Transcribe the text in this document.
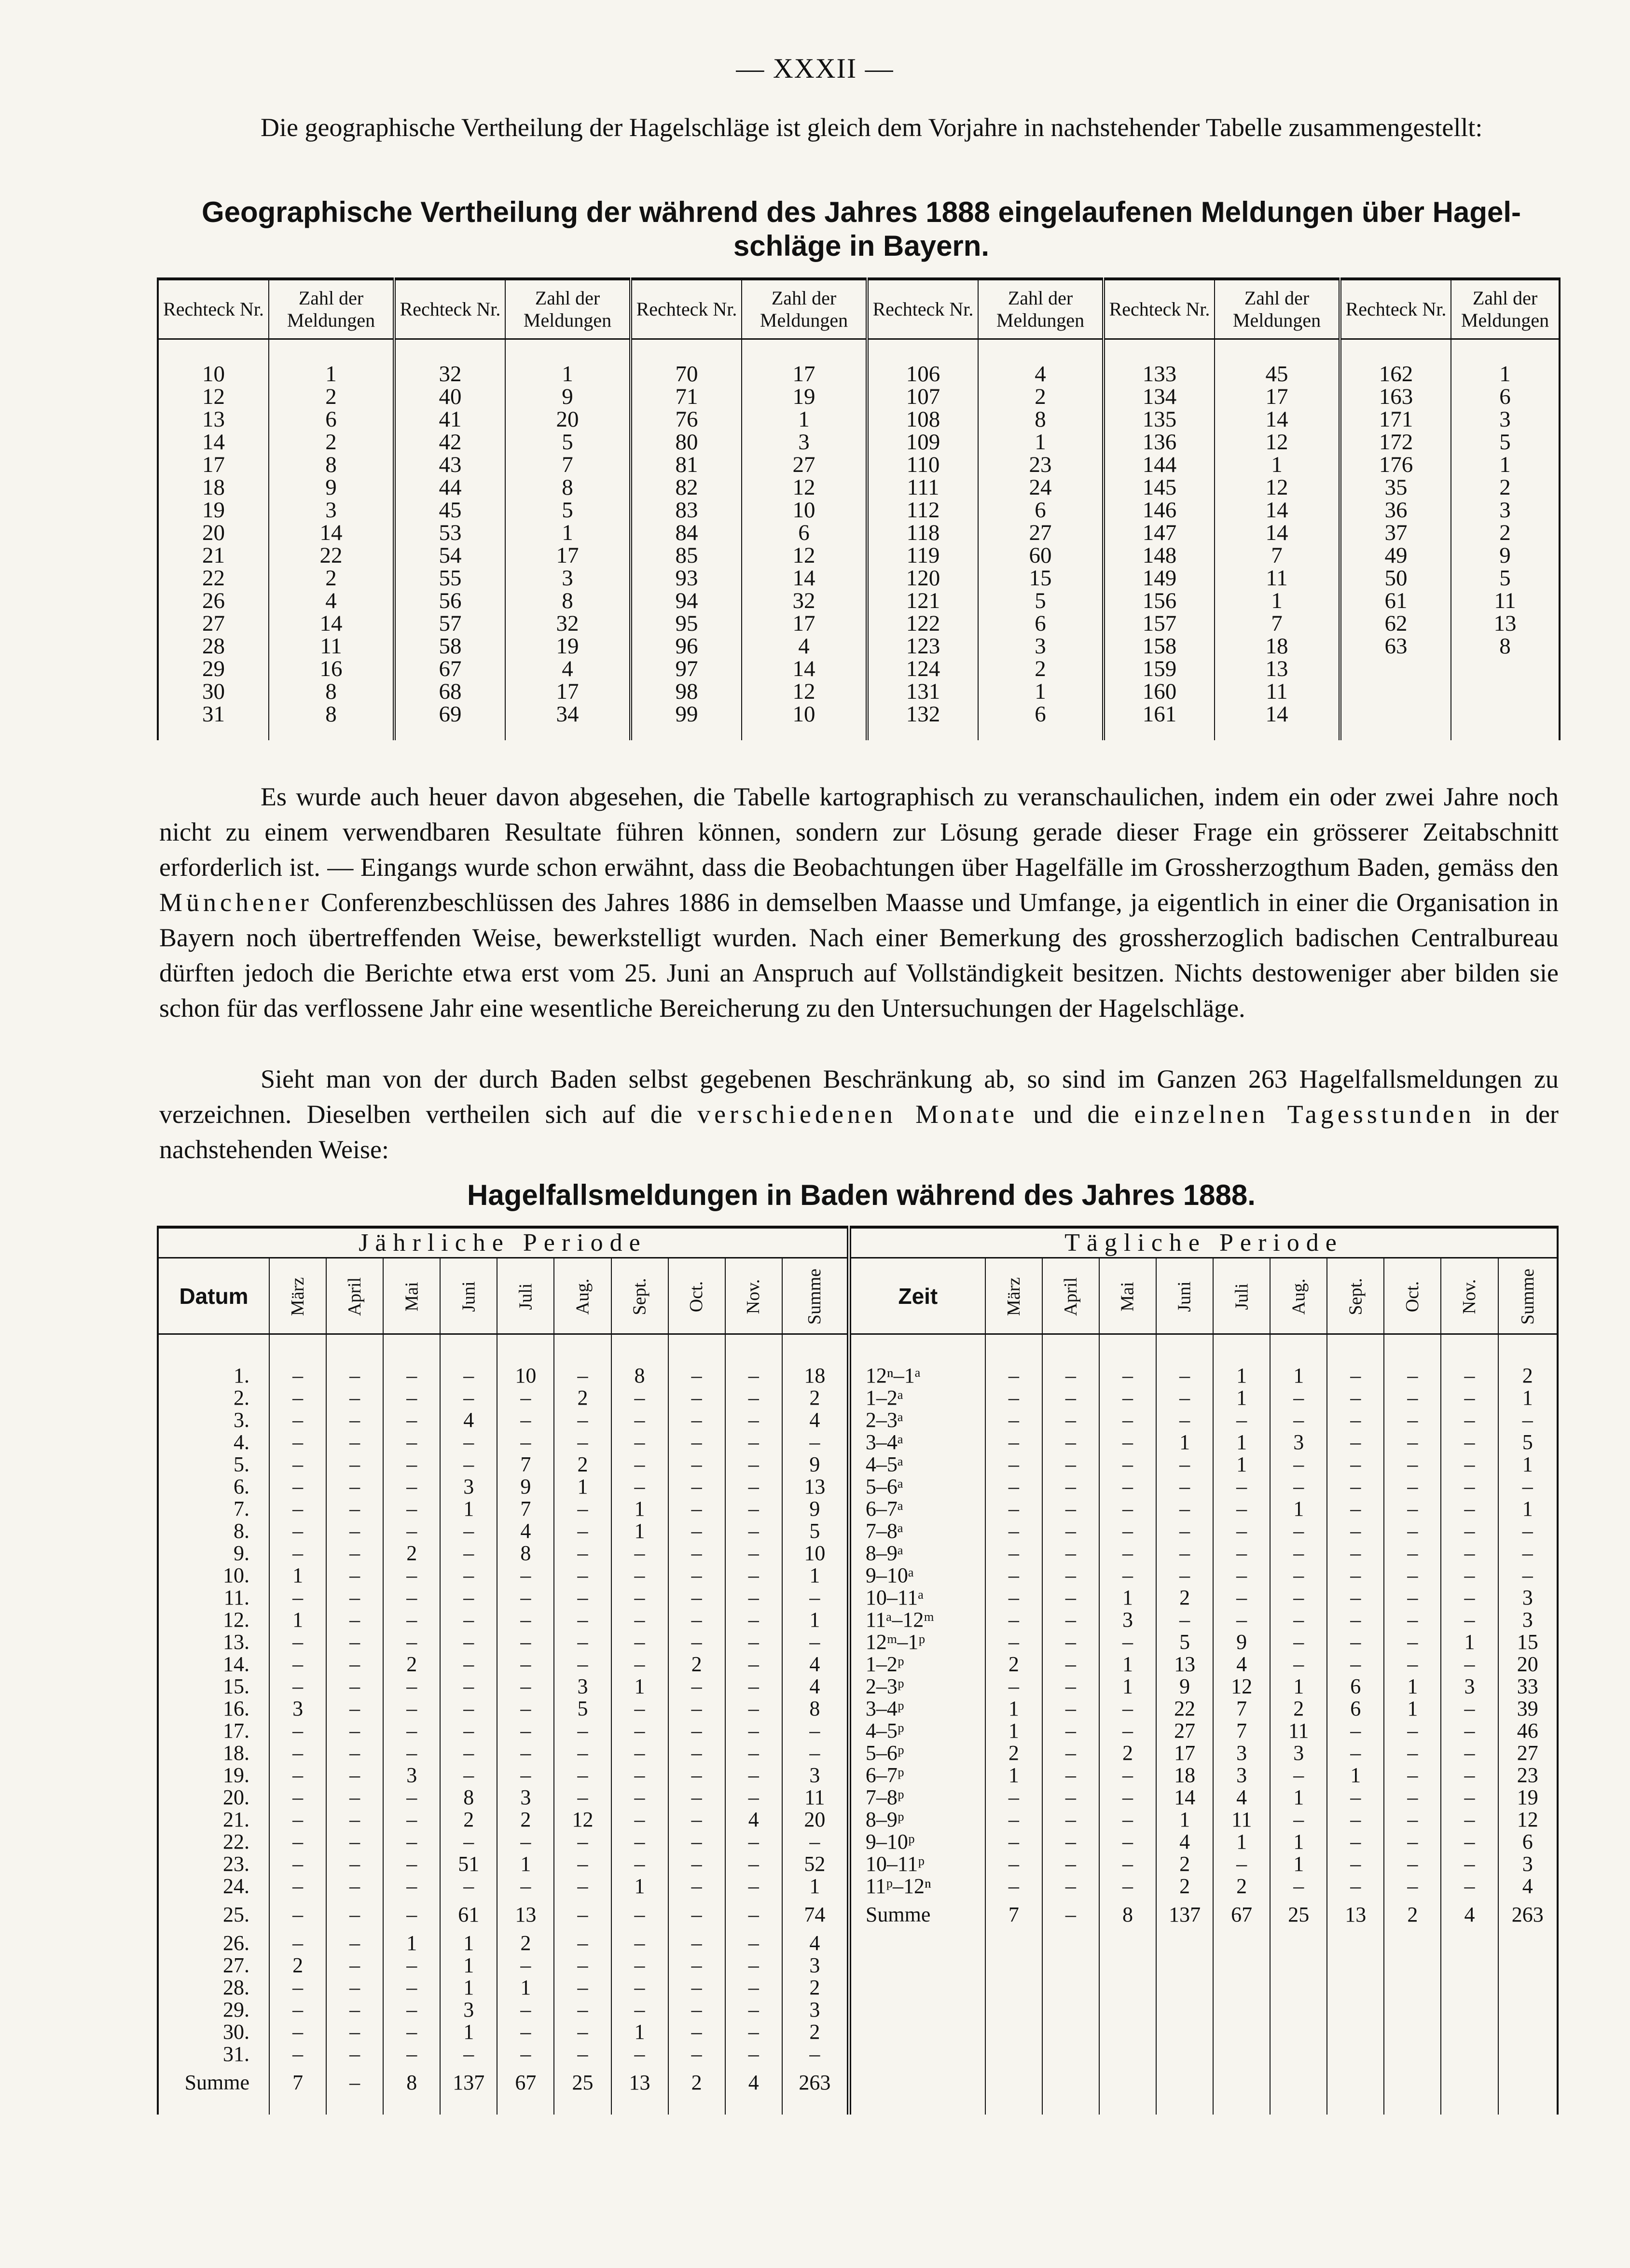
— XXXII —

Die geographische Vertheilung der Hagelschläge ist gleich dem Vorjahre in nachstehender Tabelle zusammengestellt:

Geographische Vertheilung der während des Jahres 1888 eingelaufenen Meldungen über Hagel-
schläge in Bayern.
Rechteck Nr.	Zahl der Meldungen	Rechteck Nr.	Zahl der Meldungen	Rechteck Nr.	Zahl der Meldungen	Rechteck Nr.	Zahl der Meldungen	Rechteck Nr.	Zahl der Meldungen	Rechteck Nr.	Zahl der Meldungen

10	1	32	1	70	17	106	4	133	45	162	1
12	2	40	9	71	19	107	2	134	17	163	6
13	6	41	20	76	1	108	8	135	14	171	3
14	2	42	5	80	3	109	1	136	12	172	5
17	8	43	7	81	27	110	23	144	1	176	1
18	9	44	8	82	12	111	24	145	12	35	2
19	3	45	5	83	10	112	6	146	14	36	3
20	14	53	1	84	6	118	27	147	14	37	2
21	22	54	17	85	12	119	60	148	7	49	9
22	2	55	3	93	14	120	15	149	11	50	5
26	4	56	8	94	32	121	5	156	1	61	11
27	14	57	32	95	17	122	6	157	7	62	13
28	11	58	19	96	4	123	3	158	18	63	8
29	16	67	4	97	14	124	2	159	13		
30	8	68	17	98	12	131	1	160	11		
31	8	69	34	99	10	132	6	161	14		

Es wurde auch heuer davon abgesehen, die Tabelle kartographisch zu veranschaulichen, indem ein oder zwei Jahre noch nicht zu einem verwendbaren Resultate führen können, sondern zur Lösung gerade dieser Frage ein grösserer Zeitabschnitt erforderlich ist. — Eingangs wurde schon erwähnt, dass die Beobachtungen über Hagelfälle im Grossherzogthum Baden, gemäss den Münchener Conferenzbeschlüssen des Jahres 1886 in demselben Maasse und Umfange, ja eigentlich in einer die Organisation in Bayern noch übertreffenden Weise, bewerkstelligt wurden. Nach einer Bemerkung des grossherzoglich badischen Centralbureau dürften jedoch die Berichte etwa erst vom 25. Juni an Anspruch auf Vollständigkeit besitzen. Nichts destoweniger aber bilden sie schon für das verflossene Jahr eine wesentliche Bereicherung zu den Untersuchungen der Hagelschläge.

Sieht man von der durch Baden selbst gegebenen Beschränkung ab, so sind im Ganzen 263 Hagelfallsmeldungen zu verzeichnen. Dieselben vertheilen sich auf die verschiedenen Monate und die einzelnen Tagesstunden in der nachstehenden Weise:

Hagelfallsmeldungen in Baden während des Jahres 1888.
Jährliche Periode											Tägliche Periode										
Datum	März	April	Mai	Juni	Juli	Aug.	Sept.	Oct.	Nov.	Summe	Zeit	März	April	Mai	Juni	Juli	Aug.	Sept.	Oct.	Nov.	Summe

1.	–	–	–	–	10	–	8	–	–	18	12ⁿ–1ᵃ	–	–	–	–	1	1	–	–	–	2
2.	–	–	–	–	–	2	–	–	–	2	1–2ᵃ	–	–	–	–	1	–	–	–	–	1
3.	–	–	–	4	–	–	–	–	–	4	2–3ᵃ	–	–	–	–	–	–	–	–	–	–
4.	–	–	–	–	–	–	–	–	–	–	3–4ᵃ	–	–	–	1	1	3	–	–	–	5
5.	–	–	–	–	7	2	–	–	–	9	4–5ᵃ	–	–	–	–	1	–	–	–	–	1
6.	–	–	–	3	9	1	–	–	–	13	5–6ᵃ	–	–	–	–	–	–	–	–	–	–
7.	–	–	–	1	7	–	1	–	–	9	6–7ᵃ	–	–	–	–	–	1	–	–	–	1
8.	–	–	–	–	4	–	1	–	–	5	7–8ᵃ	–	–	–	–	–	–	–	–	–	–
9.	–	–	2	–	8	–	–	–	–	10	8–9ᵃ	–	–	–	–	–	–	–	–	–	–
10.	1	–	–	–	–	–	–	–	–	1	9–10ᵃ	–	–	–	–	–	–	–	–	–	–
11.	–	–	–	–	–	–	–	–	–	–	10–11ᵃ	–	–	1	2	–	–	–	–	–	3
12.	1	–	–	–	–	–	–	–	–	1	11ᵃ–12ᵐ	–	–	3	–	–	–	–	–	–	3
13.	–	–	–	–	–	–	–	–	–	–	12ᵐ–1ᵖ	–	–	–	5	9	–	–	–	1	15
14.	–	–	2	–	–	–	–	2	–	4	1–2ᵖ	2	–	1	13	4	–	–	–	–	20
15.	–	–	–	–	–	3	1	–	–	4	2–3ᵖ	–	–	1	9	12	1	6	1	3	33
16.	3	–	–	–	–	5	–	–	–	8	3–4ᵖ	1	–	–	22	7	2	6	1	–	39
17.	–	–	–	–	–	–	–	–	–	–	4–5ᵖ	1	–	–	27	7	11	–	–	–	46
18.	–	–	–	–	–	–	–	–	–	–	5–6ᵖ	2	–	2	17	3	3	–	–	–	27
19.	–	–	3	–	–	–	–	–	–	3	6–7ᵖ	1	–	–	18	3	–	1	–	–	23
20.	–	–	–	8	3	–	–	–	–	11	7–8ᵖ	–	–	–	14	4	1	–	–	–	19
21.	–	–	–	2	2	12	–	–	4	20	8–9ᵖ	–	–	–	1	11	–	–	–	–	12
22.	–	–	–	–	–	–	–	–	–	–	9–10ᵖ	–	–	–	4	1	1	–	–	–	6
23.	–	–	–	51	1	–	–	–	–	52	10–11ᵖ	–	–	–	2	–	1	–	–	–	3
24.	–	–	–	–	–	–	1	–	–	1	11ᵖ–12ⁿ	–	–	–	2	2	–	–	–	–	4
25.	–	–	–	61	13	–	–	–	–	74	Summe	7	–	8	137	67	25	13	2	4	263
26.	–	–	1	1	2	–	–	–	–	4											
27.	2	–	–	1	–	–	–	–	–	3											
28.	–	–	–	1	1	–	–	–	–	2											
29.	–	–	–	3	–	–	–	–	–	3											
30.	–	–	–	1	–	–	1	–	–	2											
31.	–	–	–	–	–	–	–	–	–	–											
Summe	7	–	8	137	67	25	13	2	4	263											
